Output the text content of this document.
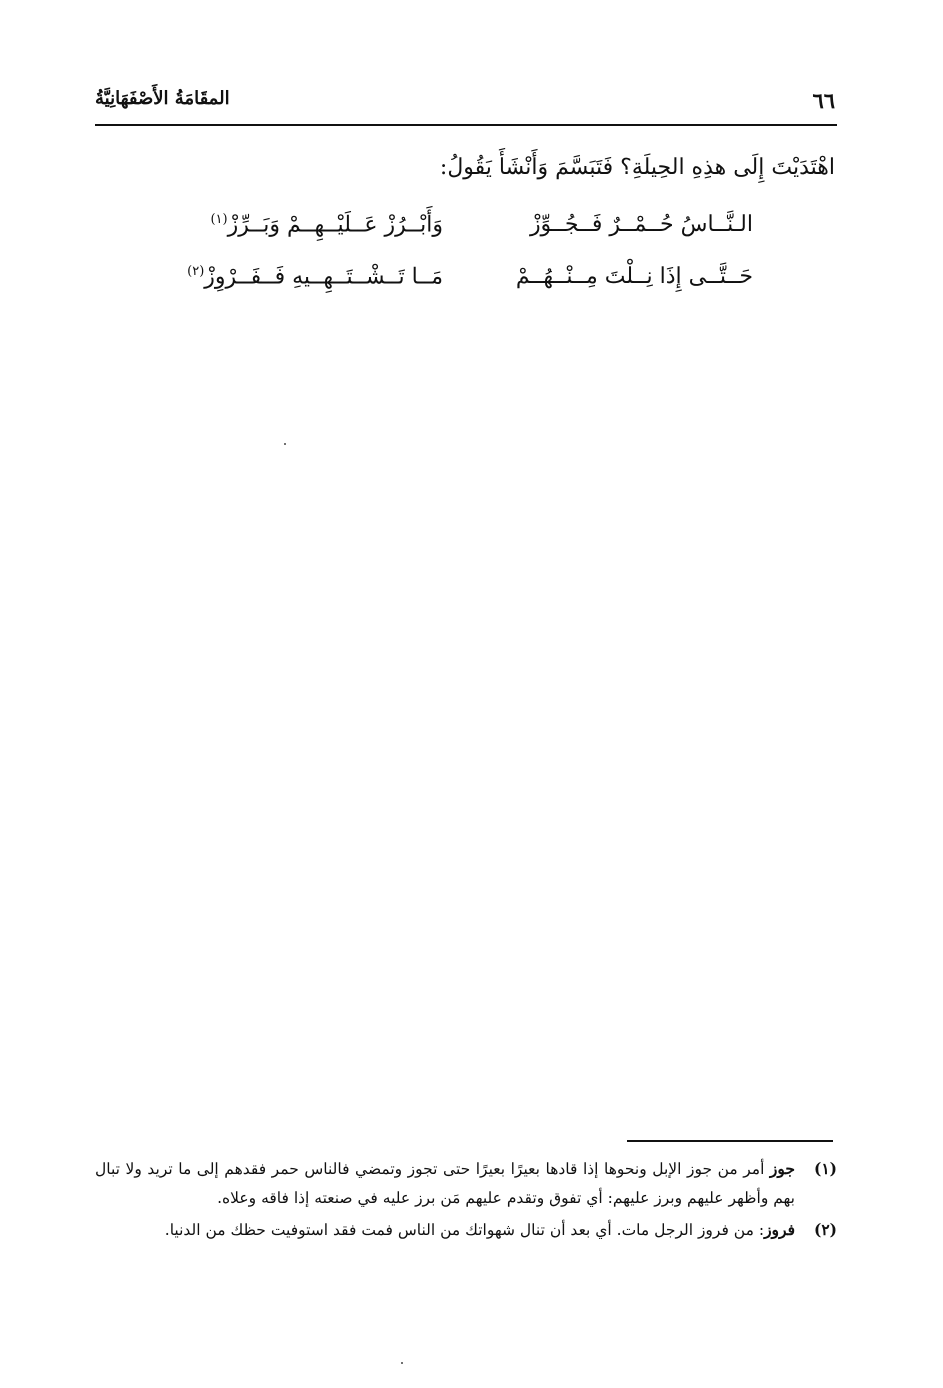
٦٦
المقَامَةُ الأَصْفَهَانِيَّةُ
اهْتَدَيْتَ إِلَى هذِهِ الحِيلَةِ؟ فَتَبَسَّمَ وَأَنْشَأَ يَقُولُ:
الـنَّــاسُ حُــمْــرٌ فَــجُــوِّزْ
وَأَبْــرُزْ عَــلَيْــهِــمْ وَبَــرِّزْ$^{(١)}$
حَــتَّــى إِذَا نِــلْتَ مِــنْــهُــمْ
مَــا تَــشْــتَــهِــيهِ فَــفَــرْوِزْ$^{(٢)}$
(١)
جوز أمر من جوز الإبل ونحوها إذا قادها بعيرًا بعيرًا حتى تجوز وتمضي فالناس حمر فقدهم إلى ما تريد ولا تبال بهم وأظهر عليهم وبرز عليهم: أي تفوق وتقدم عليهم مَن برز عليه في صنعته إذا فاقه وعلاه.
(٢)
فروز: من فروز الرجل مات. أي بعد أن تنال شهواتك من الناس فمت فقد استوفيت حظك من الدنيا.
